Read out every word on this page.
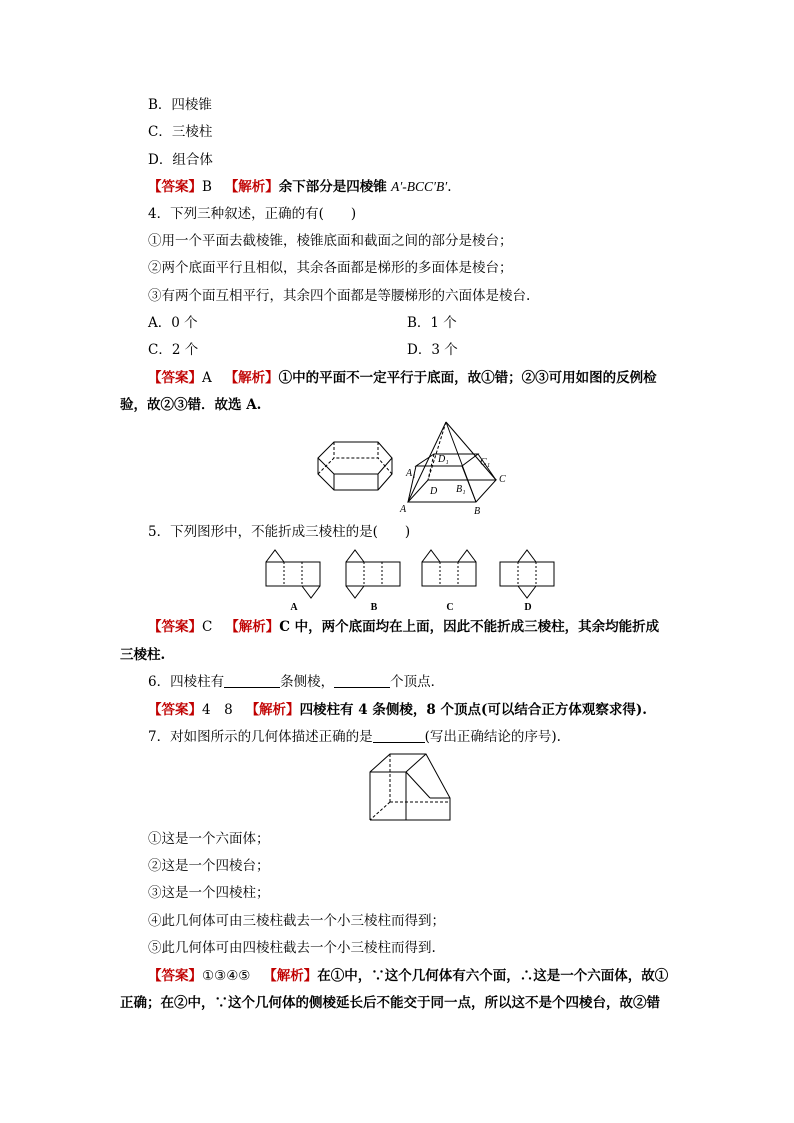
B．四棱锥
C．三棱柱
D．组合体
【答案】B 【解析】余下部分是四棱锥 A′-BCC′B′.
4．下列三种叙述，正确的有(　　)
①用一个平面去截棱锥，棱锥底面和截面之间的部分是棱台；
②两个底面平行且相似，其余各面都是梯形的多面体是棱台；
③有两个面互相平行，其余四个面都是等腰梯形的六面体是棱台.
A．0 个	B．1 个
C．2 个	D．3 个
【答案】A 【解析】①中的平面不一定平行于底面，故①错；②③可用如图的反例检
验，故②③错．故选 A.
D₁	C₁
A₁
B₁
C
D
A	B
5．下列图形中，不能折成三棱柱的是(　　)
A	B	C	D
【答案】C 【解析】C 中，两个底面均在上面，因此不能折成三棱柱，其余均能折成
三棱柱.
6．四棱柱有	条侧棱，	个顶点．
【答案】4　8 【解析】四棱柱有 4 条侧棱，8 个顶点(可以结合正方体观察求得).
7．对如图所示的几何体描述正确的是	(写出正确结论的序号).
①这是一个六面体；
②这是一个四棱台；
③这是一个四棱柱；
④此几何体可由三棱柱截去一个小三棱柱而得到；
⑤此几何体可由四棱柱截去一个小三棱柱而得到.
【答案】①③④⑤ 【解析】在①中，∵这个几何体有六个面，∴这是一个六面体，故①
正确；在②中，∵这个几何体的侧棱延长后不能交于同一点，所以这不是个四棱台，故②错
